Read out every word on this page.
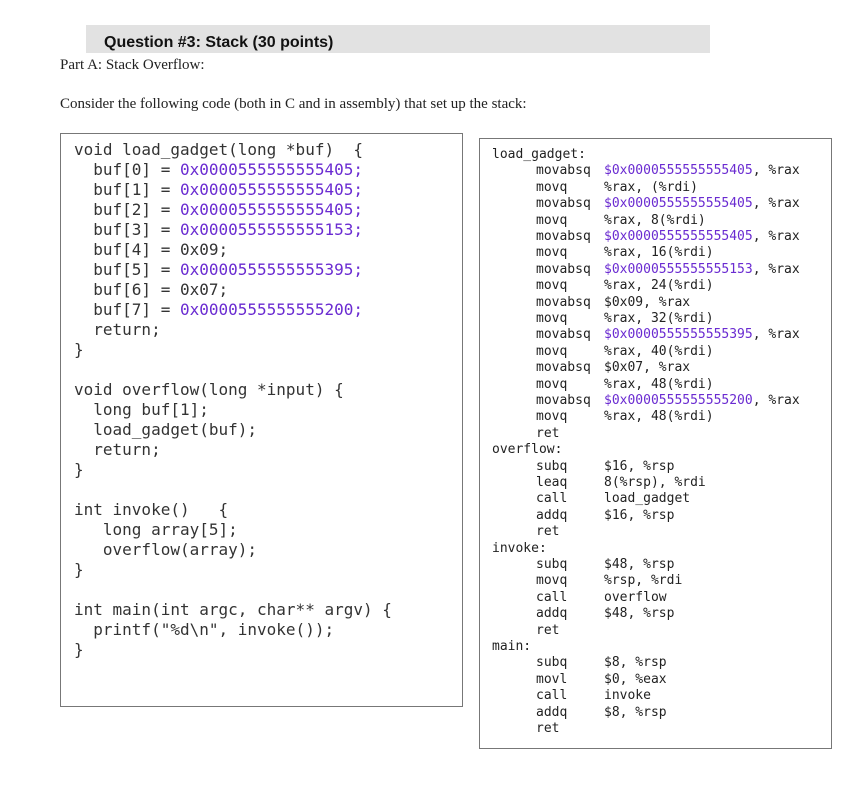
Question #3: Stack (30 points)
Part A: Stack Overflow:
Consider the following code (both in C and in assembly) that set up the stack:
void load_gadget(long *buf)  {
buf[0] = 0x0000555555555405;
buf[1] = 0x0000555555555405;
buf[2] = 0x0000555555555405;
buf[3] = 0x0000555555555153;
buf[4] = 0x09;
buf[5] = 0x0000555555555395;
buf[6] = 0x07;
buf[7] = 0x0000555555555200;
return;
}
void overflow(long *input) {
long buf[1];
load_gadget(buf);
return;
}
int invoke()   {
long array[5];
overflow(array);
}
int main(int argc, char** argv) {
printf("%d\n", invoke());
}
load_gadget:
movabsq $0x0000555555555405, %rax
movq	%rax, (%rdi)
movabsq $0x0000555555555405, %rax
movq	%rax, 8(%rdi)
movabsq $0x0000555555555405, %rax
movq	%rax, 16(%rdi)
movabsq $0x0000555555555153, %rax
movq	%rax, 24(%rdi)
movabsq $0x09, %rax
movq	%rax, 32(%rdi)
movabsq $0x0000555555555395, %rax
movq	%rax, 40(%rdi)
movabsq $0x07, %rax
movq	%rax, 48(%rdi)
movabsq $0x0000555555555200, %rax
movq	%rax, 48(%rdi)
ret
overflow:
subq	$16, %rsp
leaq	8(%rsp), %rdi
call	load_gadget
addq	$16, %rsp
ret
invoke:
subq	$48, %rsp
movq	%rsp, %rdi
call	overflow
addq	$48, %rsp
ret
main:
subq	$8, %rsp
movl	$0, %eax
call	invoke
addq	$8, %rsp
ret
